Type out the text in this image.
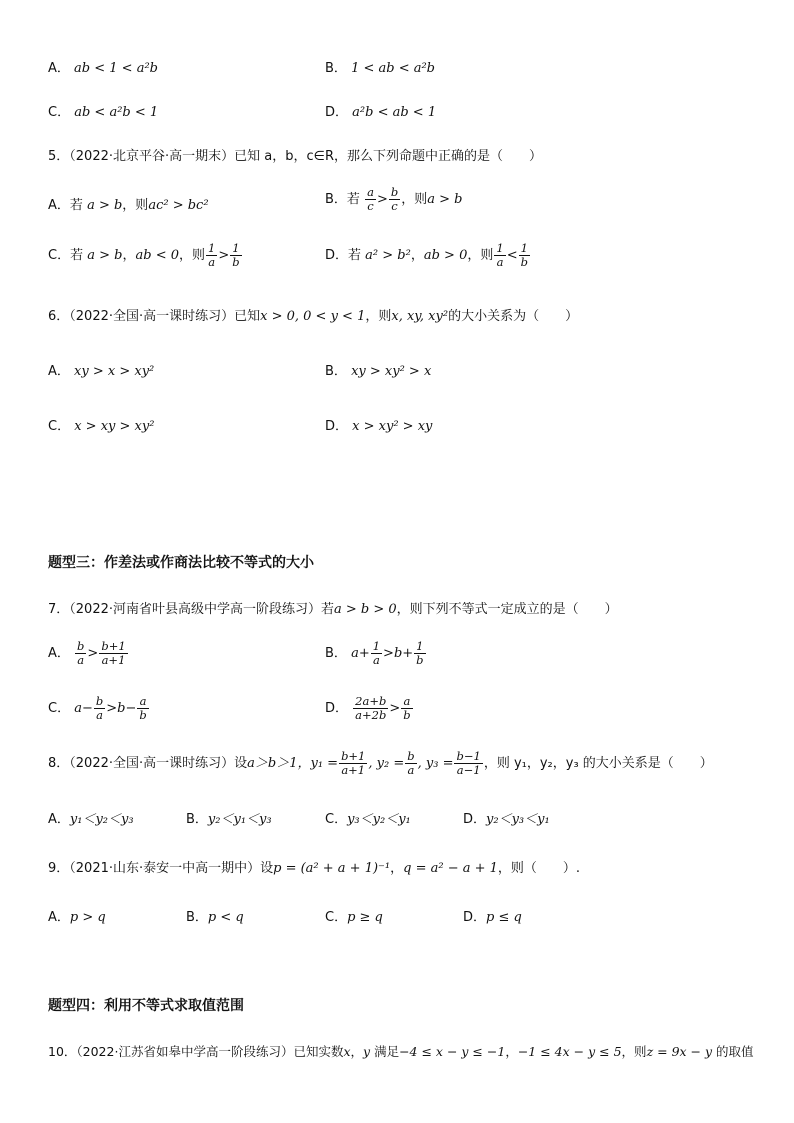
A． ab < 1 < a²b	B． 1 < ab < a²b
C． ab < a²b < 1	D． a²b < ab < 1
5．（2022·北京平谷·高一期末）已知 a，b，c∈R，那么下列命题中正确的是（　　）
A．若 a > b，则ac² > bc²	B．若 $\frac{a}{c} > \frac{b}{c}$ ，则a > b
C．若 a > b，ab < 0，则 $\frac{1}{a} > \frac{1}{b}$	D．若 a² > b²，ab > 0，则 $\frac{1}{a} < \frac{1}{b}$
6．（2022·全国·高一课时练习）已知x > 0, 0 < y < 1，则x, xy, xy²的大小关系为（　　）
A． xy > x > xy²	B． xy > xy² > x
C． x > xy > xy²	D． x > xy² > xy
题型三：作差法或作商法比较不等式的大小
7．（2022·河南省叶县高级中学高一阶段练习）若a > b > 0，则下列不等式一定成立的是（　　）
A． $\frac{b}{a} > \frac{b+1}{a+1}$	B． $a+ \frac{1}{a} >b+ \frac{1}{b}$
C． $a- \frac{b}{a} >b- \frac{a}{b}$	D． $\frac{2a+b}{a+2b} > \frac{a}{b}$
8．（2022·全国·高一课时练习）设a＞b＞1，$y_1 = \frac{b+1}{a+1}$ , $y_2 = \frac{b}{a}$ , $y_3 = \frac{b-1}{a-1}$ ，则 y₁，y₂，y₃ 的大小关系是（　　）
A．y₁＜y₂＜y₃	B．y₂＜y₁＜y₃	C．y₃＜y₂＜y₁	D．y₂＜y₃＜y₁
9．（2021·山东·泰安一中高一期中）设p = (a² + a + 1)⁻¹，q = a² − a + 1，则（　　）.
A．p > q	B．p < q	C．p ≥ q	D．p ≤ q
题型四：利用不等式求取值范围
10．（2022·江苏省如皋中学高一阶段练习）已知实数x，y 满足−4 ≤ x − y ≤ −1，−1 ≤ 4x − y ≤ 5，则z = 9x − y 的取值
